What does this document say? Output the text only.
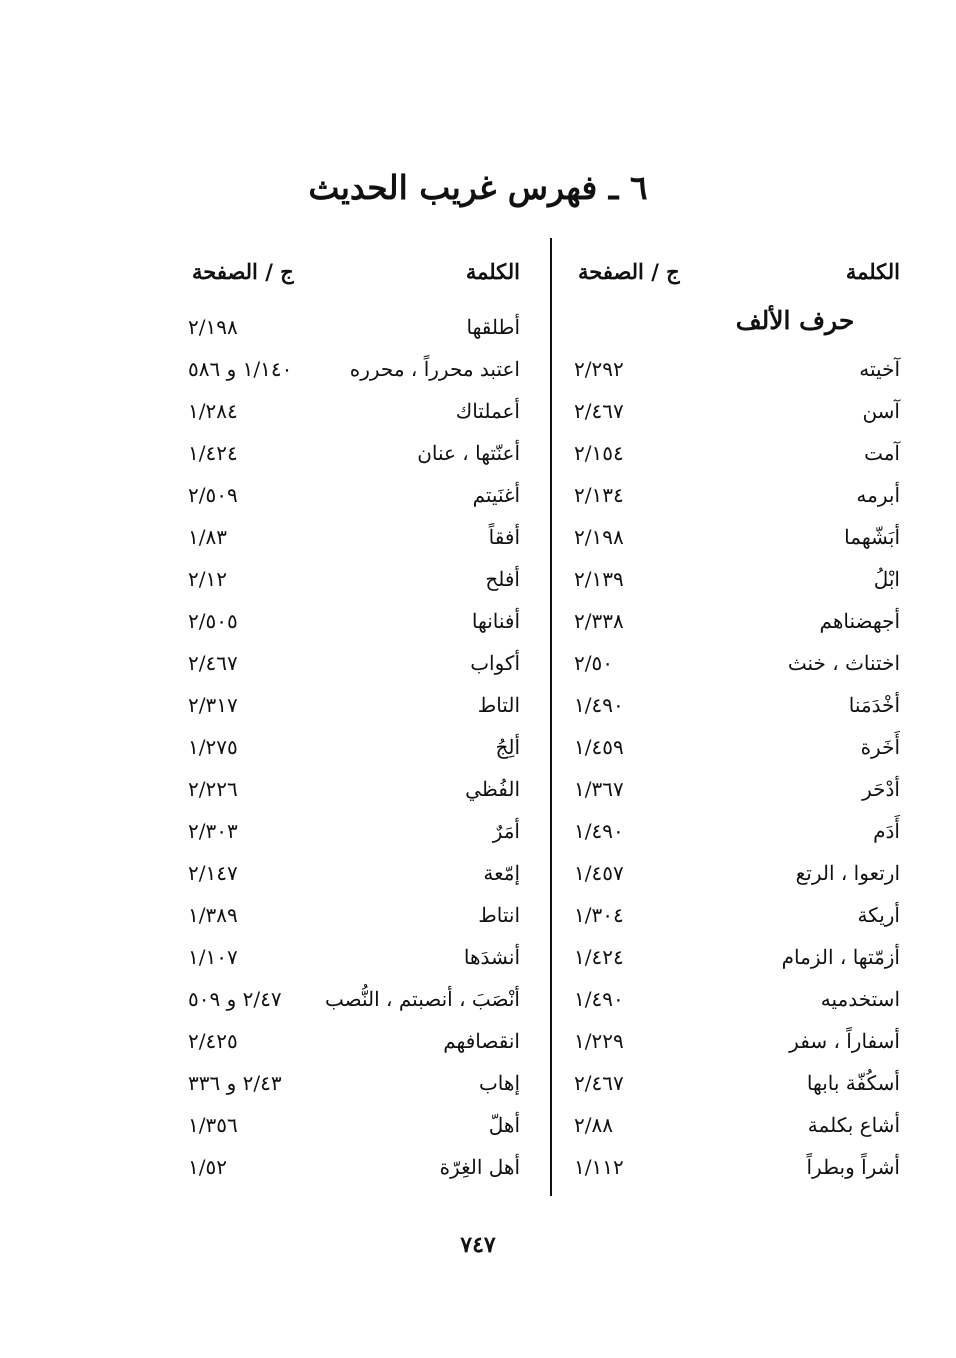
٦ ـ فهرس غريب الحديث
الكلمة
ج / الصفحة
حرف الألف
آخيته
٢/٢٩٢
آسن
٢/٤٦٧
آمت
٢/١٥٤
أبرمه
٢/١٣٤
أبَشّهما
٢/١٩٨
ابْلُ
٢/١٣٩
أجهضناهم
٢/٣٣٨
اختناث ، خنث
٢/٥٠
أخْدَمَنا
١/٤٩٠
أَخَرة
١/٤٥٩
أدْحَر
١/٣٦٧
أَدَم
١/٤٩٠
ارتعوا ، الرتع
١/٤٥٧
أريكة
١/٣٠٤
أزمّتها ، الزمام
١/٤٢٤
استخدميه
١/٤٩٠
أسفاراً ، سفر
١/٢٢٩
أسكُفّة بابها
٢/٤٦٧
أشاع بكلمة
٢/٨٨
أشراً وبطراً
١/١١٢
الكلمة
ج / الصفحة
أطلقها
٢/١٩٨
اعتبد محرراً ، محرره
١/١٤٠ و ٥٨٦
أعملتاك
١/٢٨٤
أعنّتها ، عنان
١/٤٢٤
أغنَيتم
٢/٥٠٩
أفقاً
١/٨٣
أفلح
٢/١٢
أفنانها
٢/٥٠٥
أكواب
٢/٤٦٧
التاط
٢/٣١٧
ألِجُ
١/٢٧٥
الفُظي
٢/٢٢٦
أمَرٌ
٢/٣٠٣
إمّعة
٢/١٤٧
انتاط
١/٣٨٩
أنشدَها
١/١٠٧
أنْصَبَ ، أنصبتم ، النُّصب
٢/٤٧ و ٥٠٩
انقصافهم
٢/٤٢٥
إهاب
٢/٤٣ و ٣٣٦
أهلّ
١/٣٥٦
أهل الغِرّة
١/٥٢
٧٤٧
